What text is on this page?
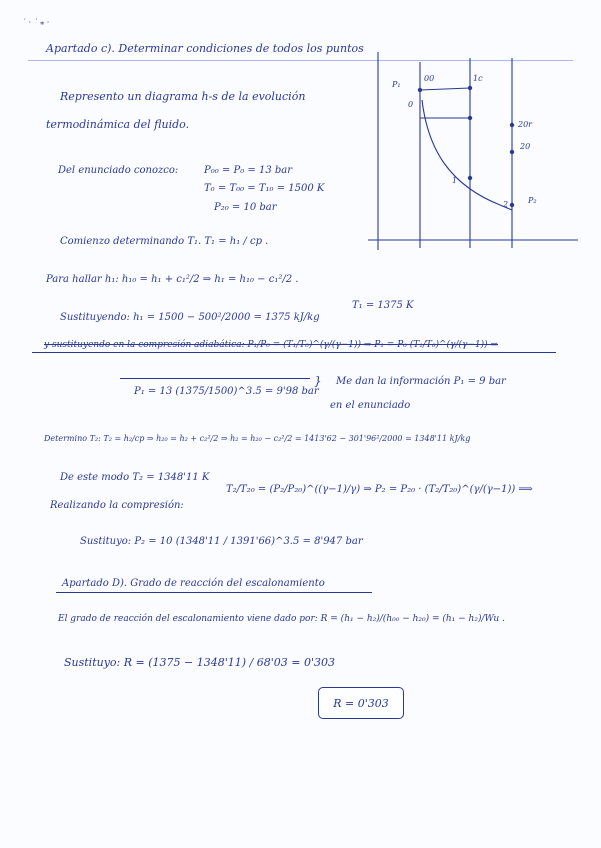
˙ · ˙ ⁎ ·
Apartado c). Determinar condiciones de todos los puntos
Represento un diagrama h-s de la evolución
termodinámica del fluido.
00	1c
0
20
2
1
20r
P₁
P₂
Del enunciado conozco:	P₀₀ = P₀ = 13 bar
T₀ = T₀₀ = T₁₀ = 1500 K
P₂₀ = 10 bar
Comienzo determinando T₁. T₁ = h₁ / cp .
Para hallar h₁: h₁₀ = h₁ + c₁²/2 ⇒ h₁ = h₁₀ − c₁²/2 .
Sustituyendo: h₁ = 1500 − 500²/2000 = 1375 kJ/kg
T₁ = 1375 K
y sustituyendo en la compresión adiabática: P₁/P₀ = (T₁/T₀)^(γ/(γ−1)) ⇒ P₁ = P₀ (T₁/T₀)^(γ/(γ−1)) ⇒
P₁ = 13 (1375/1500)^3.5 = 9'98 bar
} Me dan la información P₁ = 9 bar
en el enunciado
Determino T₂: T₂ = h₂/cp ⇒ h₂₀ = h₂ + c₂²/2 ⇒ h₂ = h₂₀ − c₂²/2 = 1413'62 − 301'96²/2000 = 1348'11 kJ/kg
De este modo T₂ = 1348'11 K
Realizando la compresión:
T₂/T₂₀ = (P₂/P₂₀)^((γ−1)/γ) ⇒ P₂ = P₂₀ · (T₂/T₂₀)^(γ/(γ−1)) ⟹
Sustituyo: P₂ = 10 (1348'11 / 1391'66)^3.5 = 8'947 bar
Apartado D). Grado de reacción del escalonamiento
El grado de reacción del escalonamiento viene dado por: R = (h₁ − h₂)/(h₀₀ − h₂₀) = (h₁ − h₂)/Wu .
Sustituyo: R = (1375 − 1348'11) / 68'03 = 0'303
R = 0'303
